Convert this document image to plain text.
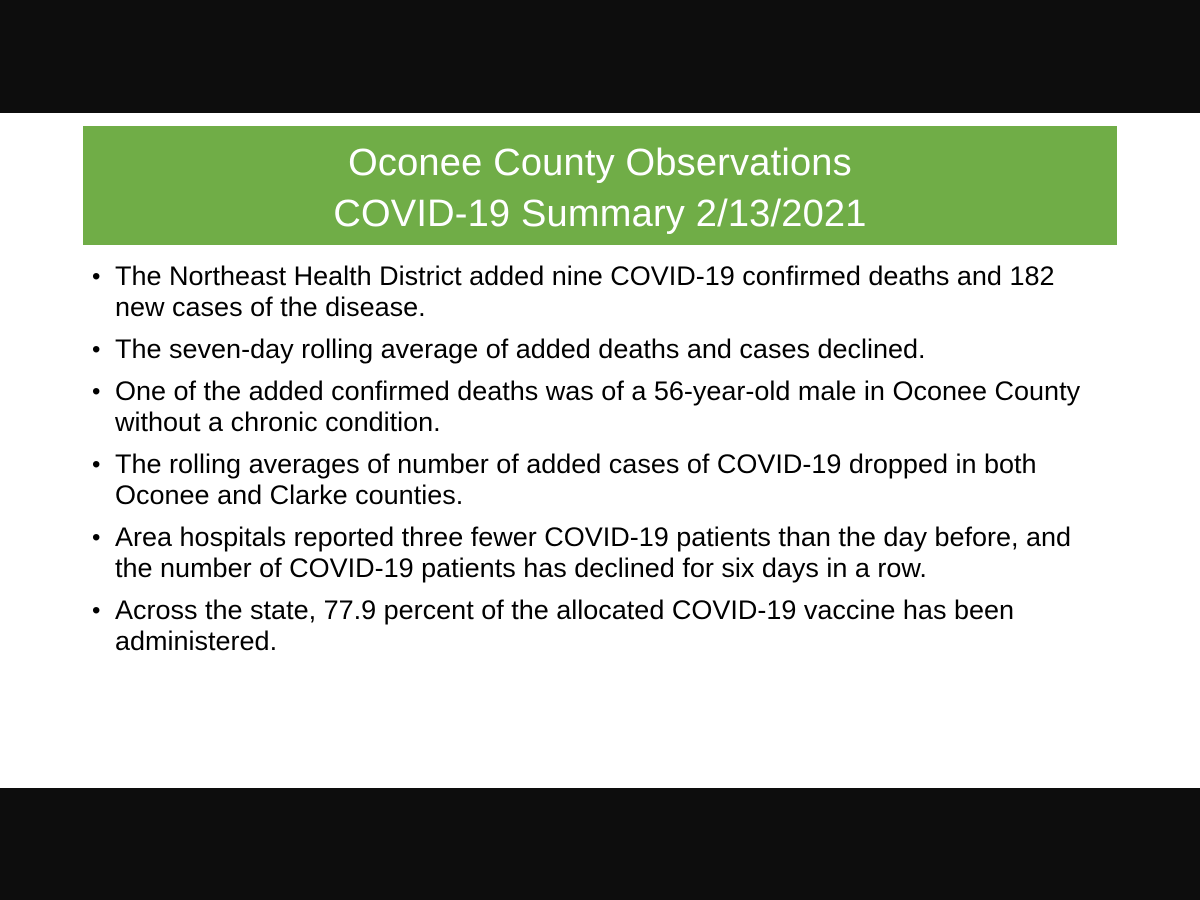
Oconee County Observations
COVID-19 Summary 2/13/2021
• The Northeast Health District added nine COVID-19 confirmed deaths and 182 new cases of the disease.
• The seven-day rolling average of added deaths and cases declined.
• One of the added confirmed deaths was of a 56-year-old male in Oconee County without a chronic condition.
• The rolling averages of number of added cases of COVID-19 dropped in both Oconee and Clarke counties.
• Area hospitals reported three fewer COVID-19 patients than the day before, and the number of COVID-19 patients has declined for six days in a row.
• Across the state, 77.9 percent of the allocated COVID-19 vaccine has been administered.
